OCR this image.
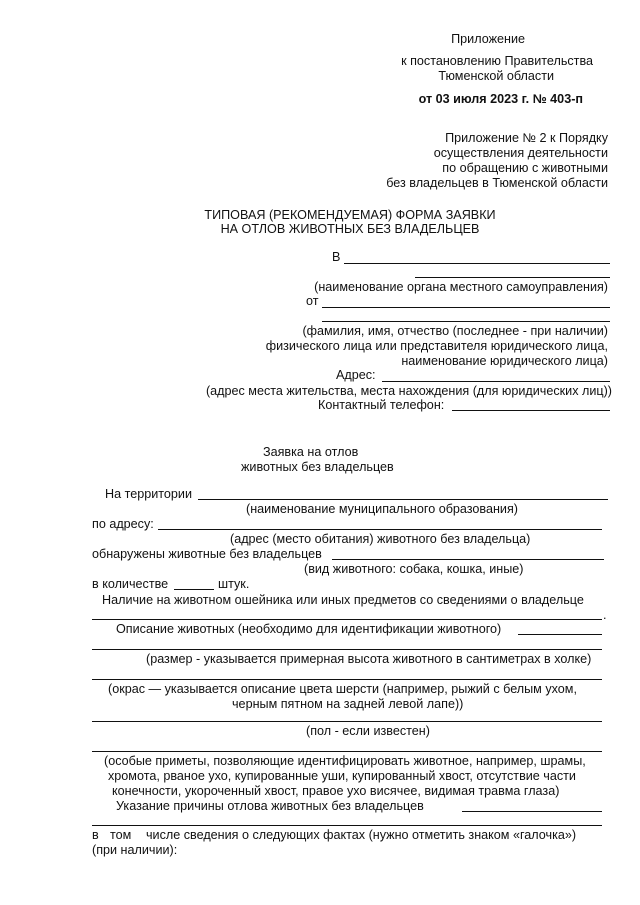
Приложение
к постановлению Правительства
Тюменской области
от 03 июля 2023 г. № 403-п
Приложение № 2 к Порядку
осуществления деятельности
по обращению с животными
без владельцев в Тюменской области
ТИПОВАЯ (РЕКОМЕНДУЕМАЯ) ФОРМА ЗАЯВКИ
НА ОТЛОВ ЖИВОТНЫХ БЕЗ ВЛАДЕЛЬЦЕВ
В
(наименование органа местного самоуправления)
от
(фамилия, имя, отчество (последнее - при наличии)
физического лица или представителя юридического лица,
наименование юридического лица)
Адрес:
(адрес места жительства, места нахождения (для юридических лиц))
Контактный телефон:
Заявка на отлов
животных без владельцев
На территории
(наименование муниципального образования)
по адресу:
(адрес (место обитания) животного без владельца)
обнаружены животные без владельцев
(вид животного: собака, кошка, иные)
в количестве	штук.
Наличие на животном ошейника или иных предметов со сведениями о владельце
.
Описание животных (необходимо для идентификации животного)
(размер - указывается примерная высота животного в сантиметрах в холке)
(окрас — указывается описание цвета шерсти (например, рыжий с белым ухом,
черным пятном на задней левой лапе))
(пол - если известен)
(особые приметы, позволяющие идентифицировать животное, например, шрамы,
хромота, рваное ухо, купированные уши, купированный хвост, отсутствие части
конечности, укороченный хвост, правое ухо висячее, видимая травма глаза)
Указание причины отлова животных без владельцев
в том числе сведения о следующих фактах (нужно отметить знаком «галочка»)
(при наличии):
